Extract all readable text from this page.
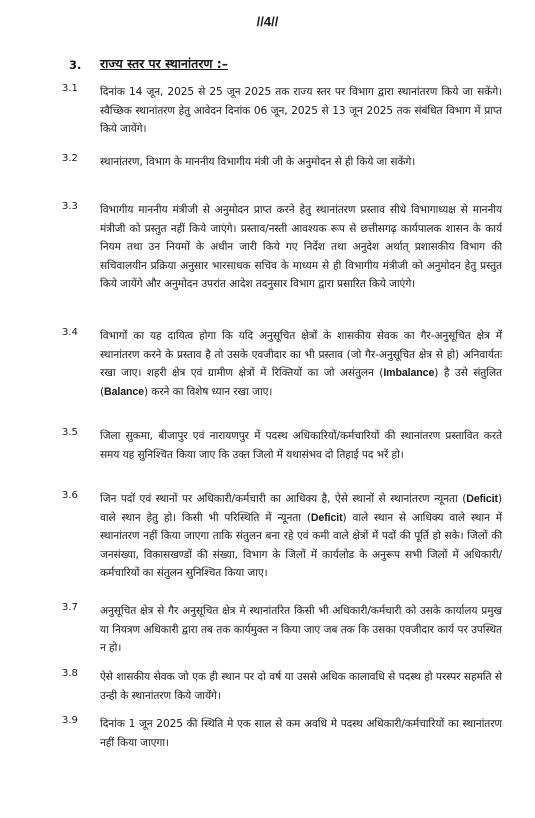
//4//
3. राज्य स्तर पर स्थानांतरण :–
3.1	दिनांक 14 जून, 2025 से 25 जून 2025 तक राज्य स्तर पर विभाग द्वारा स्थानांतरण किये जा सकेंगे। स्वैच्छिक स्थानांतरण हेतु आवेदन दिनांक 06 जून, 2025 से 13 जून 2025 तक संबंधित विभाग में प्राप्त किये जायेंगे।
3.2	स्थानांतरण, विभाग के माननीय विभागीय मंत्री जी के अनुमोदन से ही किये जा सकेंगे।
3.3	विभागीय माननीय मंत्रीजी से अनुमोदन प्राप्त करने हेतु स्थानांतरण प्रस्ताव सीधे विभागाध्यक्ष से माननीय मंत्रीजी को प्रस्तुत नहीं किये जाएंगे। प्रस्ताव/नस्ती आवश्यक रूप से छत्तीसगढ़ कार्यपालक शासन के कार्य नियम तथा उन नियमों के अधीन जारी किये गए निर्देश तथा अनुदेश अर्थात् प्रशासकीय विभाग की सचिवालयीन प्रक्रिया अनुसार भारसाधक सचिव के माध्यम से ही विभागीय मंत्रीजी को अनुमोदन हेतु प्रस्तुत किये जायेंगे और अनुमोदन उपरांत आदेश तदनुसार विभाग द्वारा प्रसारित किये जाएंगे।
3.4	विभागों का यह दायित्व होगा कि यदि अनुसूचित क्षेत्रों के शासकीय सेवक का गैर-अनुसूचित क्षेत्र में स्थानांतरण करने के प्रस्ताव है तो उसके एवजीदार का भी प्रस्ताव (जो गैर-अनुसूचित क्षेत्र से हो) अनिवार्यतः रखा जाए। शहरी क्षेत्र एवं ग्रामीण क्षेत्रों में रिक्तियों का जो असंतुलन (Imbalance) है उसे संतुलित (Balance) करने का विशेष ध्यान रखा जाए।
3.5	जिला सुकमा, बीजापुर एवं नारायणपुर में पदस्थ अधिकारियों/कर्मचारियों की स्थानांतरण प्रस्तावित करते समय यह सुनिश्चित किया जाए कि उक्त जिलो में यथासंभव दो तिहाई पद भरें हो।
3.6	जिन पदों एवं स्थानों पर अधिकारी/कर्मचारी का आधिक्य है, ऐसे स्थानों से स्थानांतरण न्यूनता (Deficit) वाले स्थान हेतु हो। किसी भी परिस्थिति में न्यूनता (Deficit) वाले स्थान से आधिक्य वाले स्थान में स्थानांतरण नहीं किया जाएगा ताकि संतुलन बना रहे एवं कमी वाले क्षेत्रों में पदों की पूर्ति हो सके। जिलों की जनसंख्या, विकासखण्डों की संख्या, विभाग के जिलों में कार्यलोड के अनुरूप सभी जिलों में अधिकारी/कर्मचारियों का संतुलन सुनिश्चित किया जाए।
3.7	अनुसूचित क्षेत्र से गैर अनुसूचित क्षेत्र मे स्थानांतरित किसी भी अधिकारी/कर्मचारी को उसके कार्यालय प्रमुख या नियत्रण अधिकारी द्वारा तब तक कार्यमुक्त न किया जाए जब तक कि उसका एवजीदार कार्य पर उपस्थित न हो।
3.8	ऐसे शासकीय सेवक जो एक ही स्थान पर दो वर्ष या उससे अधिक कालावधि से पदस्थ हो परस्पर सहमति से उन्ही के स्थानांतरण किये जायेंगे।
3.9	दिनांक 1 जून 2025 की स्थिति मे एक साल से कम अवधि मे पदस्थ अधिकारी/कर्मचारियों का स्थानांतरण नहीं किया जाएगा।
